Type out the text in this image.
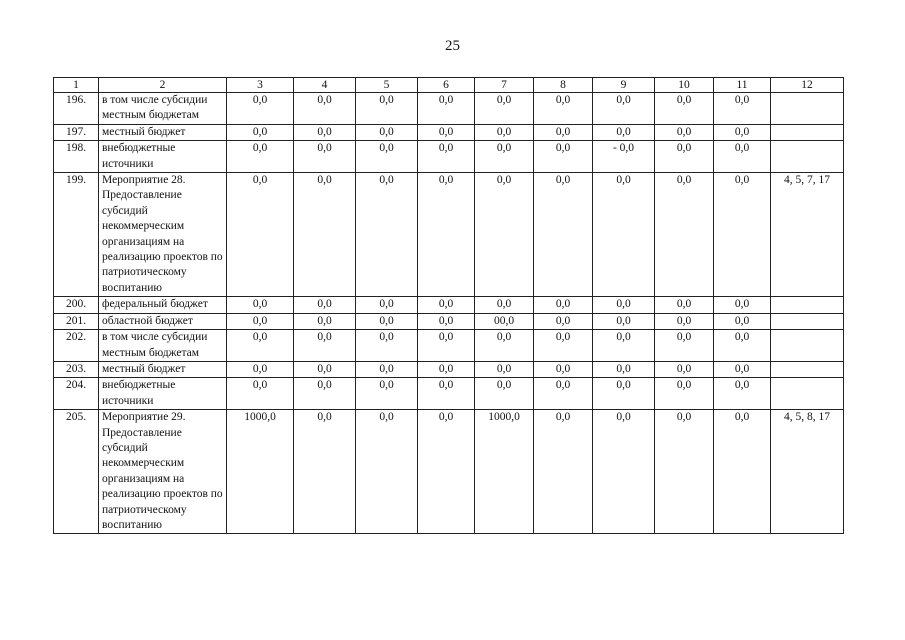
25
1	2	3	4	5	6	7	8	9	10	11	12
196.	в том числе субсидии местным бюджетам	0,0	0,0	0,0	0,0	0,0	0,0	0,0	0,0	0,0	
197.	местный бюджет	0,0	0,0	0,0	0,0	0,0	0,0	0,0	0,0	0,0	
198.	внебюджетные источники	0,0	0,0	0,0	0,0	0,0	0,0	- 0,0	0,0	0,0	
199.	Мероприятие 28. Предоставление субсидий некоммерческим организациям на реализацию проектов по патриотическому воспитанию	0,0	0,0	0,0	0,0	0,0	0,0	0,0	0,0	0,0	4, 5, 7, 17
200.	федеральный бюджет	0,0	0,0	0,0	0,0	0,0	0,0	0,0	0,0	0,0	
201.	областной бюджет	0,0	0,0	0,0	0,0	00,0	0,0	0,0	0,0	0,0	
202.	в том числе субсидии местным бюджетам	0,0	0,0	0,0	0,0	0,0	0,0	0,0	0,0	0,0	
203.	местный бюджет	0,0	0,0	0,0	0,0	0,0	0,0	0,0	0,0	0,0	
204.	внебюджетные источники	0,0	0,0	0,0	0,0	0,0	0,0	0,0	0,0	0,0	
205.	Мероприятие 29. Предоставление субсидий некоммерческим организациям на реализацию проектов по патриотическому воспитанию	1000,0	0,0	0,0	0,0	1000,0	0,0	0,0	0,0	0,0	4, 5, 8, 17
